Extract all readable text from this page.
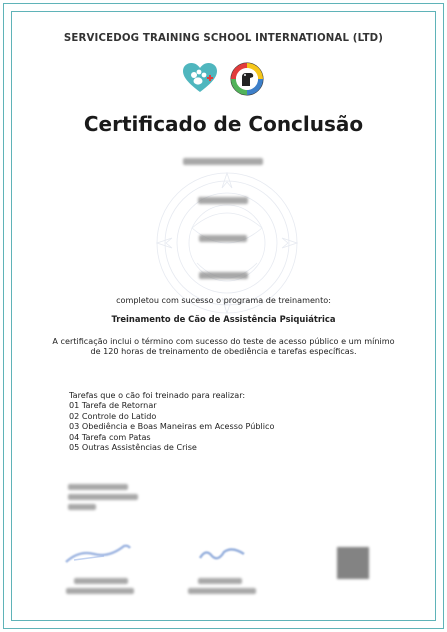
SERVICEDOG TRAINING SCHOOL INTERNATIONAL (LTD)
Certificado de Conclusão
completou com sucesso o programa de treinamento:
Treinamento de Cão de Assistência Psiquiátrica
A certificação inclui o término com sucesso do teste de acesso público e um mínimo de 120 horas de treinamento de obediência e tarefas específicas.
Tarefas que o cão foi treinado para realizar:
01 Tarefa de Retornar
02 Controle do Latido
03 Obediência e Boas Maneiras em Acesso Público
04 Tarefa com Patas
05 Outras Assistências de Crise
